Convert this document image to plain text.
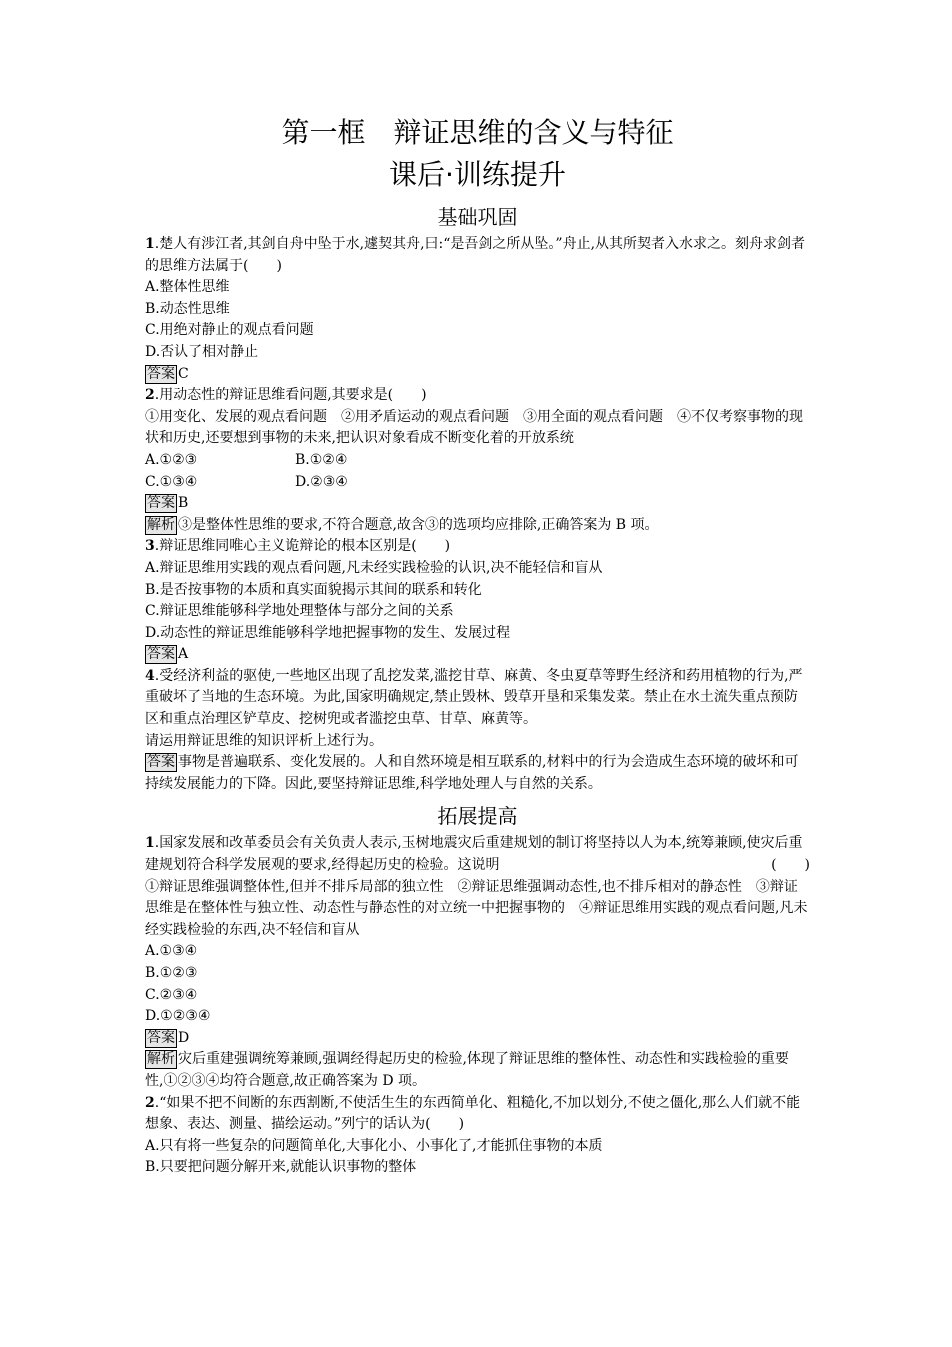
第一框　辩证思维的含义与特征
课后·训练提升
基础巩固

1.楚人有涉江者,其剑自舟中坠于水,遽契其舟,曰:“是吾剑之所从坠。”舟止,从其所契者入水求之。刻舟求剑者的思维方法属于(　　)

A.整体性思维

B.动态性思维

C.用绝对静止的观点看问题

D.否认了相对静止

答案 C

2.用动态性的辩证思维看问题,其要求是(　　)

①用变化、发展的观点看问题　②用矛盾运动的观点看问题　③用全面的观点看问题　④不仅考察事物的现状和历史,还要想到事物的未来,把认识对象看成不断变化着的开放系统

A.①②③	B.①②④

C.①③④	D.②③④

答案 B

解析 ③是整体性思维的要求,不符合题意,故含③的选项均应排除,正确答案为 B 项。

3.辩证思维同唯心主义诡辩论的根本区别是(　　)

A.辩证思维用实践的观点看问题,凡未经实践检验的认识,决不能轻信和盲从

B.是否按事物的本质和真实面貌揭示其间的联系和转化

C.辩证思维能够科学地处理整体与部分之间的关系

D.动态性的辩证思维能够科学地把握事物的发生、发展过程

答案 A

4.受经济利益的驱使,一些地区出现了乱挖发菜,滥挖甘草、麻黄、冬虫夏草等野生经济和药用植物的行为,严重破坏了当地的生态环境。为此,国家明确规定,禁止毁林、毁草开垦和采集发菜。禁止在水土流失重点预防区和重点治理区铲草皮、挖树兜或者滥挖虫草、甘草、麻黄等。

请运用辩证思维的知识评析上述行为。

答案 事物是普遍联系、变化发展的。人和自然环境是相互联系的,材料中的行为会造成生态环境的破坏和可持续发展能力的下降。因此,要坚持辩证思维,科学地处理人与自然的关系。

拓展提高

1.国家发展和改革委员会有关负责人表示,玉树地震灾后重建规划的制订将坚持以人为本,统筹兼顾,使灾后重建规划符合科学发展观的要求,经得起历史的检验。这说明	(　　)

①辩证思维强调整体性,但并不排斥局部的独立性　②辩证思维强调动态性,也不排斥相对的静态性　③辩证思维是在整体性与独立性、动态性与静态性的对立统一中把握事物的　④辩证思维用实践的观点看问题,凡未经实践检验的东西,决不轻信和盲从

A.①③④

B.①②③

C.②③④

D.①②③④

答案 D

解析 灾后重建强调统筹兼顾,强调经得起历史的检验,体现了辩证思维的整体性、动态性和实践检验的重要性,①②③④均符合题意,故正确答案为 D 项。

2.“如果不把不间断的东西割断,不使活生生的东西简单化、粗糙化,不加以划分,不使之僵化,那么人们就不能想象、表达、测量、描绘运动。”列宁的话认为(　　)

A.只有将一些复杂的问题简单化,大事化小、小事化了,才能抓住事物的本质

B.只要把问题分解开来,就能认识事物的整体
